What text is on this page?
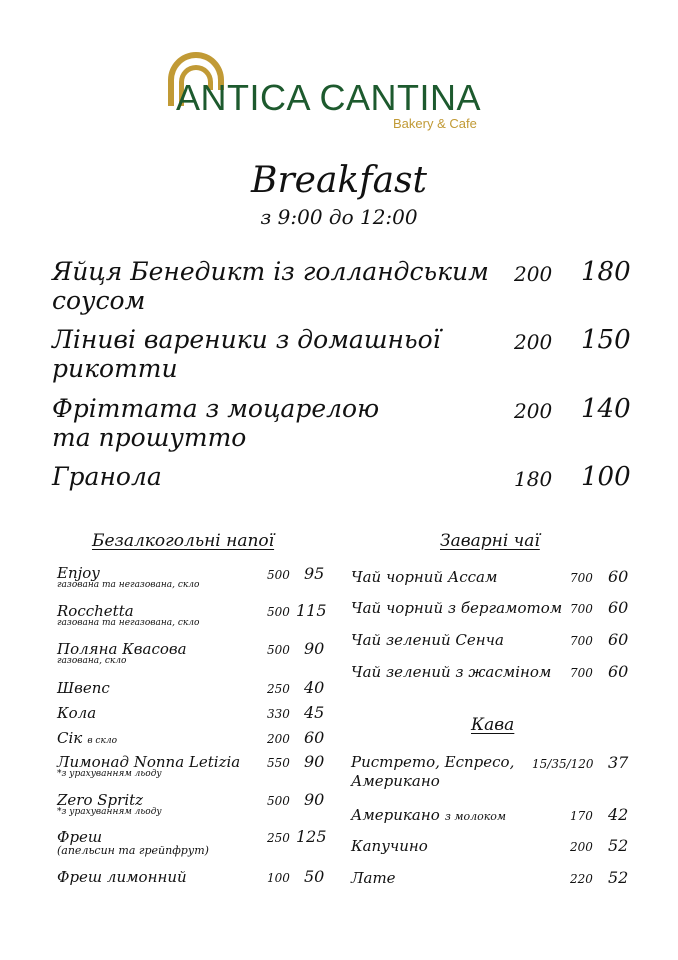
ANTICA CANTINA
Bakery & Cafe
Breakfast
з 9:00 до 12:00
Яйця Бенедикт із голландським
соусом
200 180
Ліниві вареники з домашньої
рикотти
200 150
Фріттата з моцарелою
та прошутто
200 140
Гранола	180 100
Безалкогольні напої
Enjoy
газована та негазована, скло
500 95
Rocchetta
газована та негазована, скло
500 115
Поляна Квасова
газована, скло
500 90
Швепс	250 40
Кола	330 45
Сік в склo	200 60
Лимонад Nonna Letizia
*з урахуванням льоду
550 90
Zero Spritz
*з урахуванням льоду
500 90
Фреш
(апельсин та грейпфрут)
250 125
Фреш лимонний	100 50
Заварні чаї
Чай чорний Ассам	700 60
Чай чорний з бергамотом 700 60
Чай зелений Сенча	700 60
Чай зелений з жасміном 700 60
Кава
Ристрето, Еспресо,
Американо
15/35/120 37
Американо з молоком	170 42
Капучино	200 52
Лате	220 52
